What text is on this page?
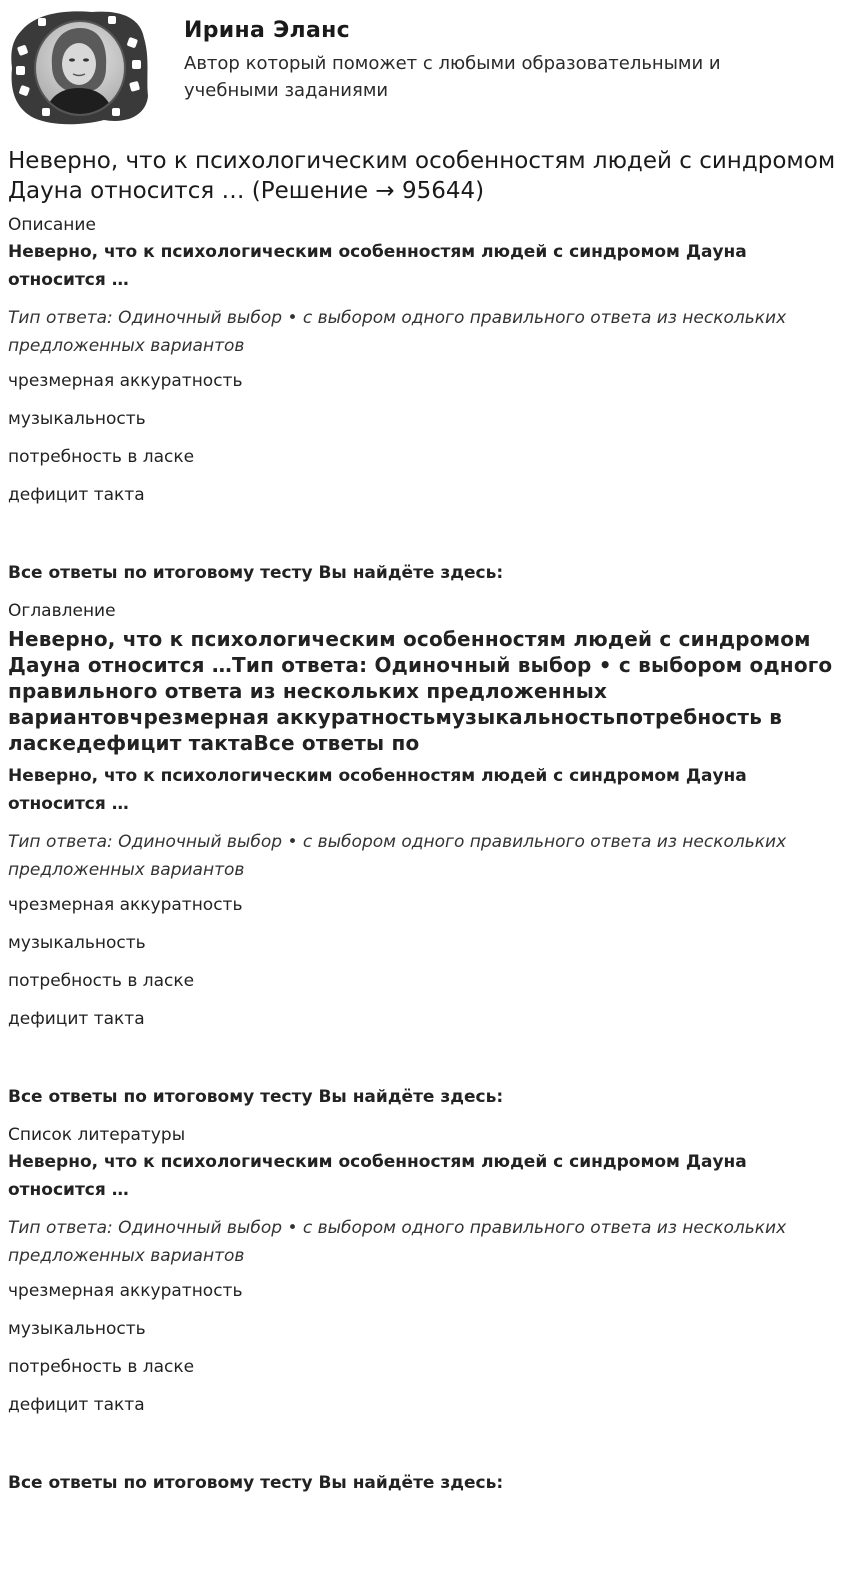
Ирина Эланс
Автор который поможет с любыми образовательными и учебными заданиями
Неверно, что к психологическим особенностям людей с синдромом Дауна относится … (Решение → 95644)
Описание
Неверно, что к психологическим особенностям людей с синдромом Дауна относится …
Тип ответа: Одиночный выбор • с выбором одного правильного ответа из нескольких предложенных вариантов
чрезмерная аккуратность
музыкальность
потребность в ласке
дефицит такта
Все ответы по итоговому тесту Вы найдёте здесь:
Оглавление
Неверно, что к психологическим особенностям людей с синдромом Дауна относится …Тип ответа: Одиночный выбор • с выбором одного правильного ответа из нескольких предложенных вариантовчрезмерная аккуратностьмузыкальностьпотребность в ласкедефицит тактаВсе ответы по
Неверно, что к психологическим особенностям людей с синдромом Дауна относится …
Тип ответа: Одиночный выбор • с выбором одного правильного ответа из нескольких предложенных вариантов
чрезмерная аккуратность
музыкальность
потребность в ласке
дефицит такта
Все ответы по итоговому тесту Вы найдёте здесь:
Список литературы
Неверно, что к психологическим особенностям людей с синдромом Дауна относится …
Тип ответа: Одиночный выбор • с выбором одного правильного ответа из нескольких предложенных вариантов
чрезмерная аккуратность
музыкальность
потребность в ласке
дефицит такта
Все ответы по итоговому тесту Вы найдёте здесь:
